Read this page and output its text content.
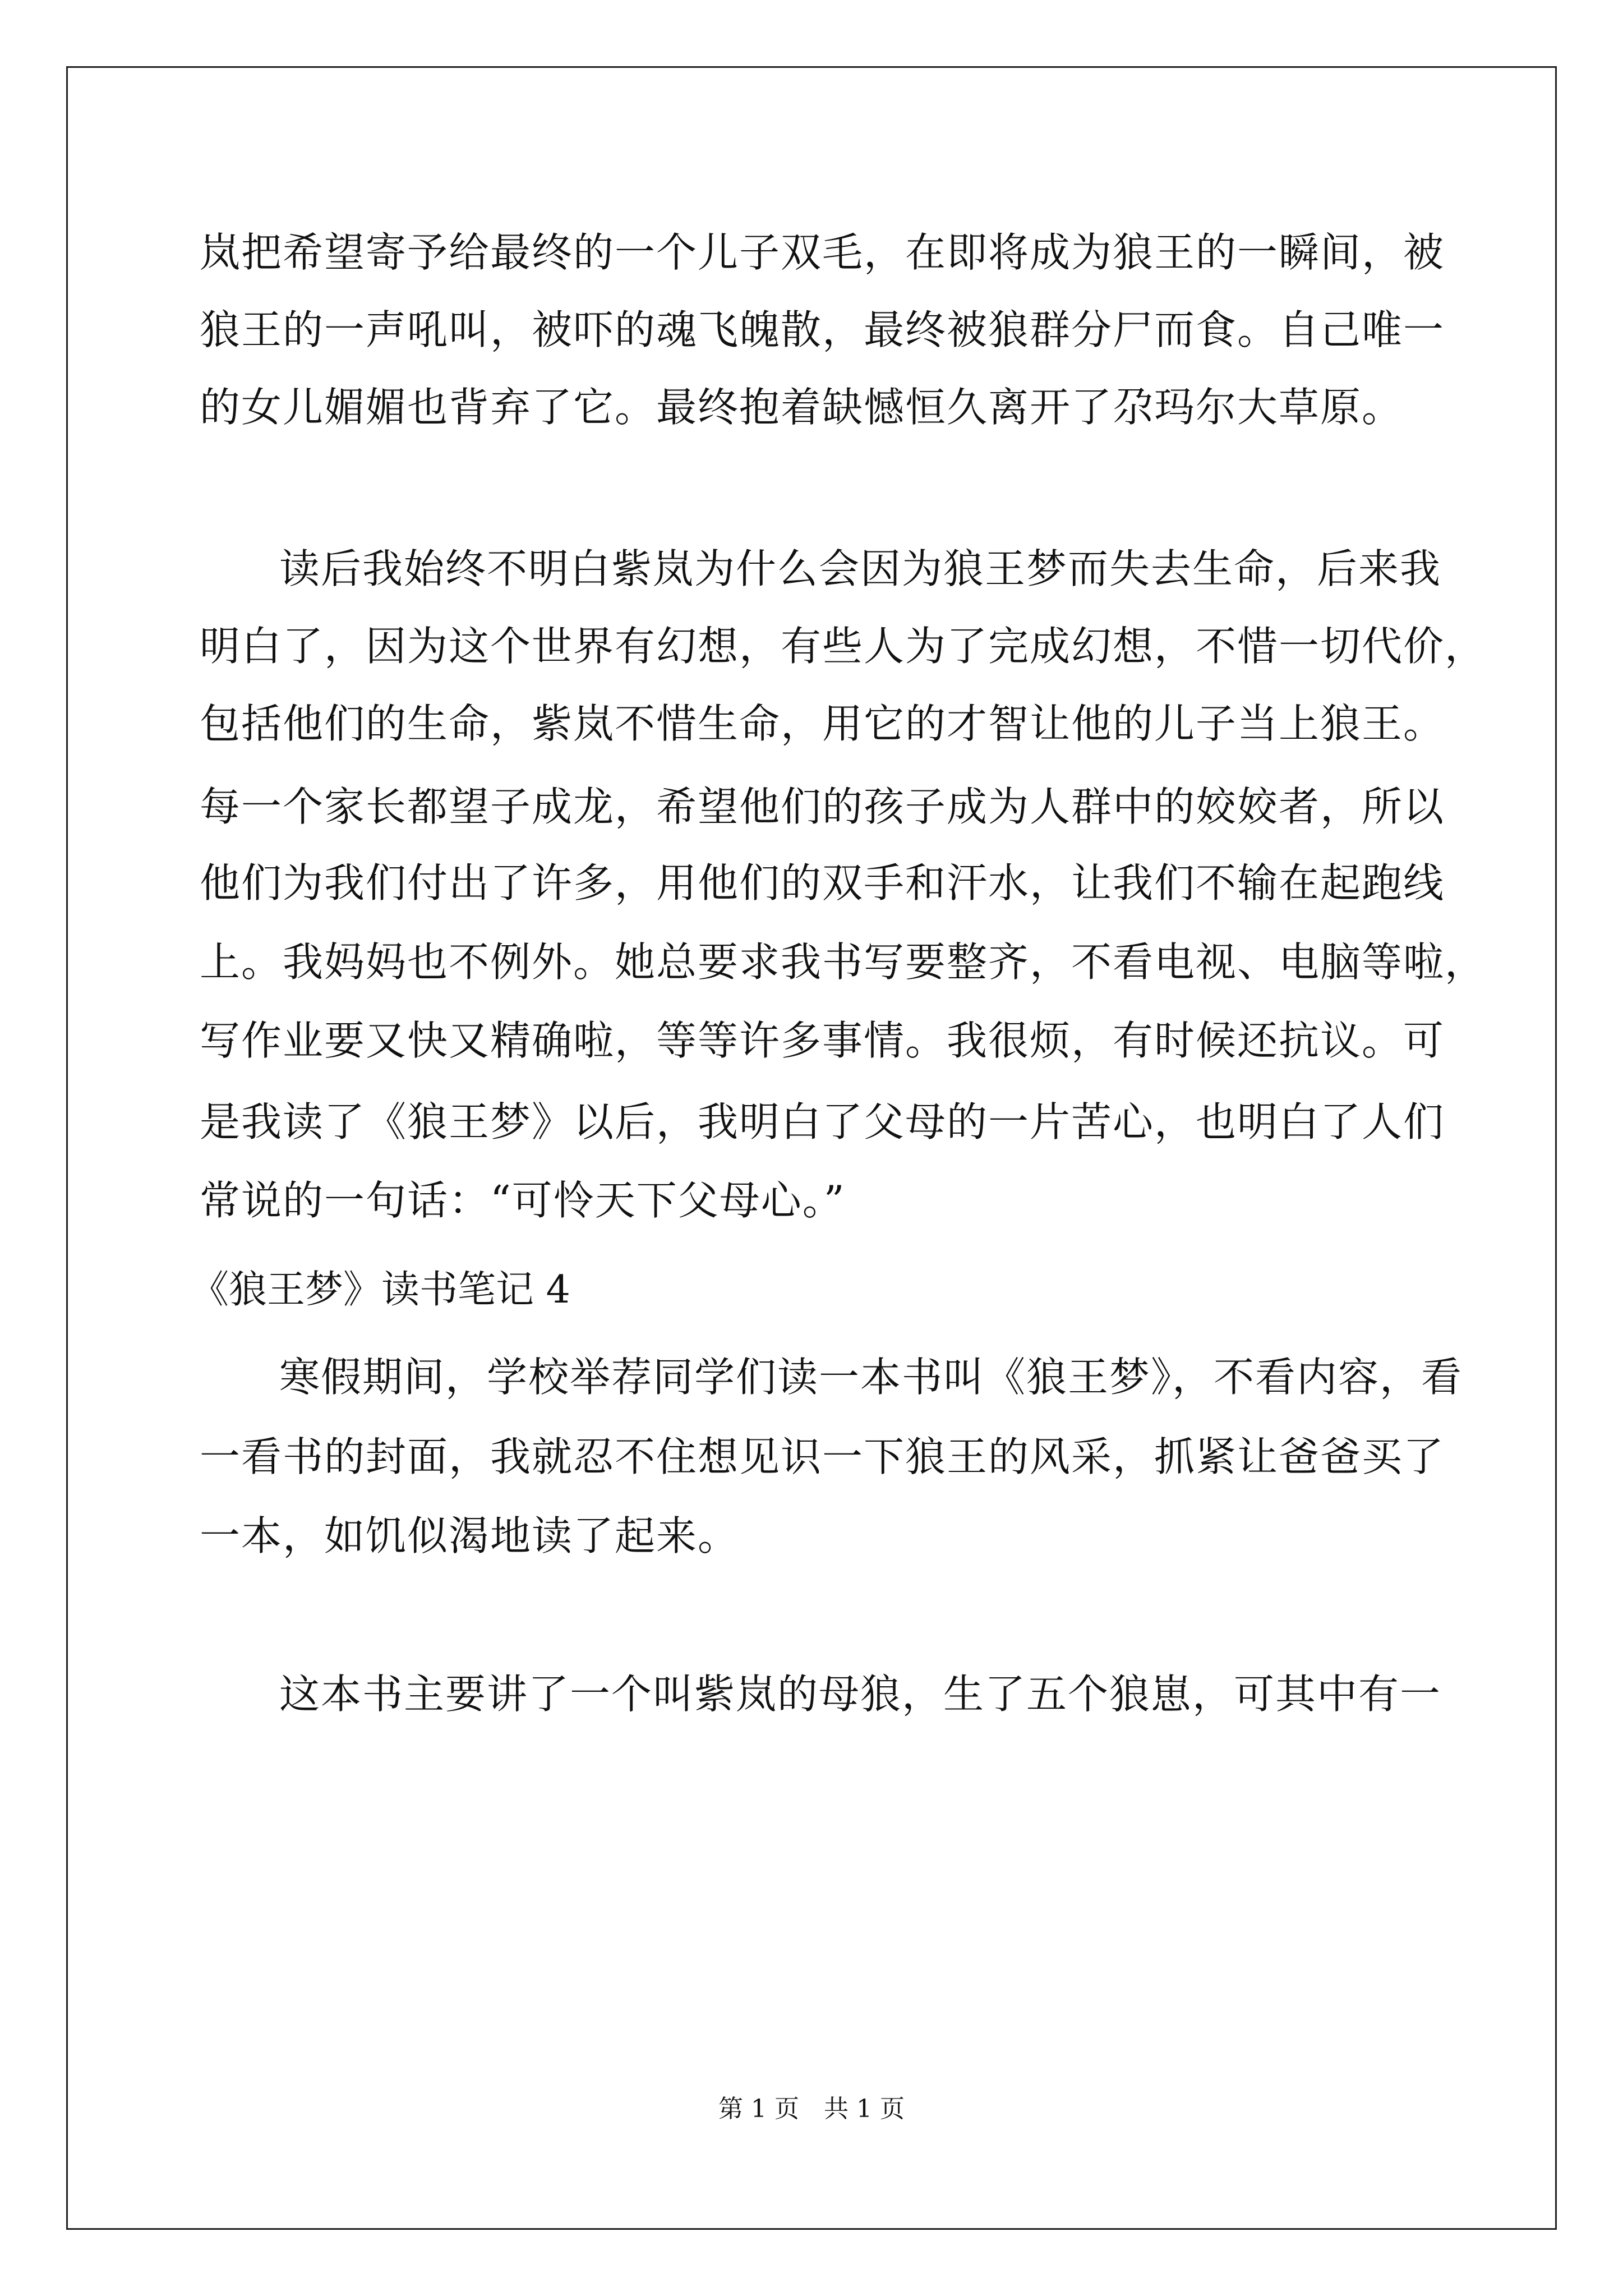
岚把希望寄予给最终的一个儿子双毛，在即将成为狼王的一瞬间，被
狼王的一声吼叫，被吓的魂飞魄散，最终被狼群分尸而食。自己唯一
的女儿媚媚也背弃了它。最终抱着缺憾恒久离开了尕玛尔大草原。
读后我始终不明白紫岚为什么会因为狼王梦而失去生命，后来我
明白了，因为这个世界有幻想，有些人为了完成幻想，不惜一切代价，
包括他们的生命，紫岚不惜生命，用它的才智让他的儿子当上狼王。
每一个家长都望子成龙，希望他们的孩子成为人群中的姣姣者，所以
他们为我们付出了许多，用他们的双手和汗水，让我们不输在起跑线
上。我妈妈也不例外。她总要求我书写要整齐，不看电视、电脑等啦，
写作业要又快又精确啦，等等许多事情。我很烦，有时候还抗议。可
是我读了《狼王梦》以后，我明白了父母的一片苦心，也明白了人们
常说的一句话：“可怜天下父母心。”
《狼王梦》读书笔记 4
寒假期间，学校举荐同学们读一本书叫《狼王梦》，不看内容，看
一看书的封面，我就忍不住想见识一下狼王的风采，抓紧让爸爸买了
一本，如饥似渴地读了起来。
这本书主要讲了一个叫紫岚的母狼，生了五个狼崽，可其中有一
第 1 页　共 1 页
